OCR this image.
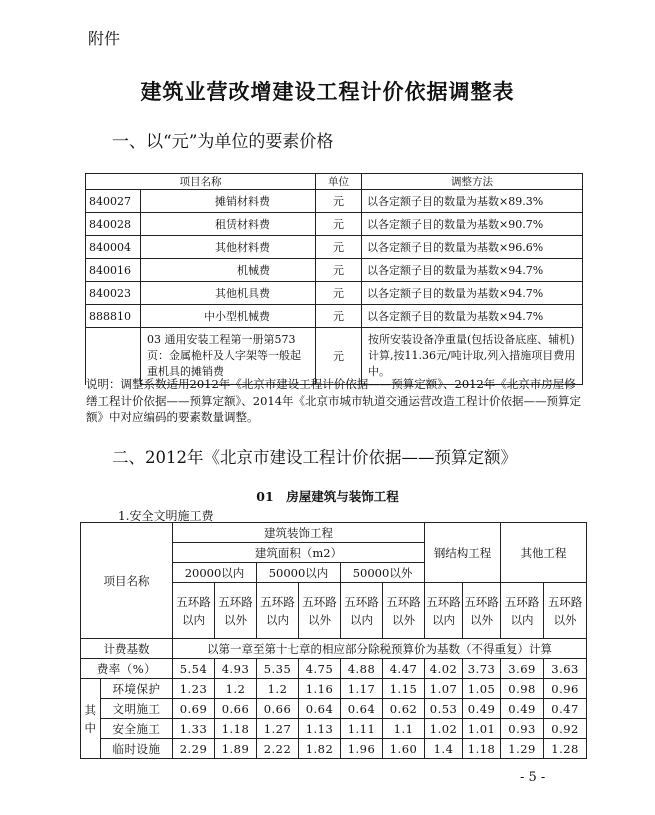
附件
建筑业营改增建设工程计价依据调整表
一、以“元”为单位的要素价格
项目名称		单位	调整方法
840027	摊销材料费	元	以各定额子目的数量为基数×89.3%
840028	租赁材料费	元	以各定额子目的数量为基数×90.7%
840004	其他材料费	元	以各定额子目的数量为基数×96.6%
840016	机械费	元	以各定额子目的数量为基数×94.7%
840023	其他机具费	元	以各定额子目的数量为基数×94.7%
888810	中小型机械费	元	以各定额子目的数量为基数×94.7%
	03 通用安装工程第一册第573页：金属桅杆及人字架等一般起重机具的摊销费	元	按所安装设备净重量(包括设备底座、辅机)计算,按11.36元/吨计取,列入措施项目费用中。
说明：调整系数适用2012年《北京市建设工程计价依据——预算定额》、2012年《北京市房屋修缮工程计价依据——预算定额》、2014年《北京市城市轨道交通运营改造工程计价依据——预算定额》中对应编码的要素数量调整。
二、2012年《北京市建设工程计价依据——预算定额》
01　房屋建筑与装饰工程
1.安全文明施工费
项目名称		建筑装饰工程						钢结构工程		其他工程	
		建筑面积（m2）									
		20000以内		50000以内		50000以外					
		五环路以内	五环路以外	五环路以内	五环路以外	五环路以内	五环路以外	五环路以内	五环路以外	五环路以内	五环路以外
计费基数		以第一章至第十七章的相应部分除税预算价为基数（不得重复）计算									
费率（%）		5.54	4.93	5.35	4.75	4.88	4.47	4.02	3.73	3.69	3.63
其中	环境保护	1.23	1.2	1.2	1.16	1.17	1.15	1.07	1.05	0.98	0.96
	文明施工	0.69	0.66	0.66	0.64	0.64	0.62	0.53	0.49	0.49	0.47
	安全施工	1.33	1.18	1.27	1.13	1.11	1.1	1.02	1.01	0.93	0.92
	临时设施	2.29	1.89	2.22	1.82	1.96	1.60	1.4	1.18	1.29	1.28
- 5 -
